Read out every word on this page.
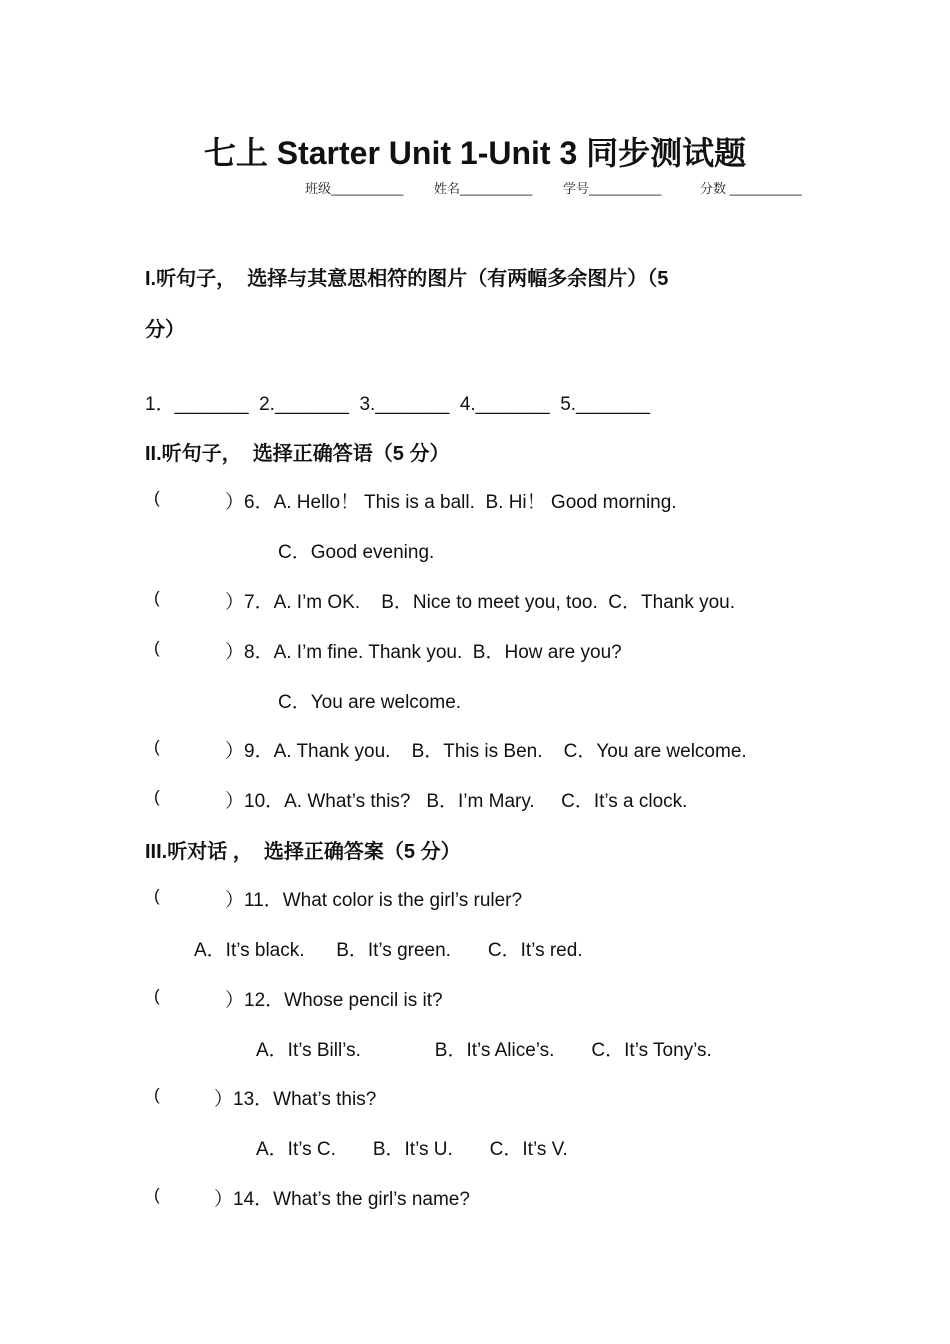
七上 Starter Unit 1-Unit 3 同步测试题
班级__________ 姓名__________ 学号__________	分数 __________
I.听句子，  选择与其意思相符的图片（有两幅多余图片）（5
分）
1．_______  2._______  3._______  4._______  5._______
II.听句子，  选择正确答语（5 分）
(	）6．A. Hello！ This is a ball.  B. Hi！ Good morning.
C．Good evening.
(	）7．A. I’m OK.    B．Nice to meet you, too.  C．Thank you.
(	）8．A. I’m fine. Thank you.  B．How are you?
C．You are welcome.
(	）9．A. Thank you.    B．This is Ben.    C．You are welcome.
(	）10．A. What’s this?   B．I’m Mary.     C．It’s a clock.
III.听对话 ，  选择正确答案（5 分）
(	）11．What color is the girl’s ruler?
A．It’s black.      B．It’s green.       C．It’s red.
(	）12．Whose pencil is it?
A．It’s Bill’s.              B．It’s Alice’s.       C．It’s Tony’s.
(	）13．What’s this?
A．It’s C.       B．It’s U.       C．It’s V.
(	）14．What’s the girl’s name?
